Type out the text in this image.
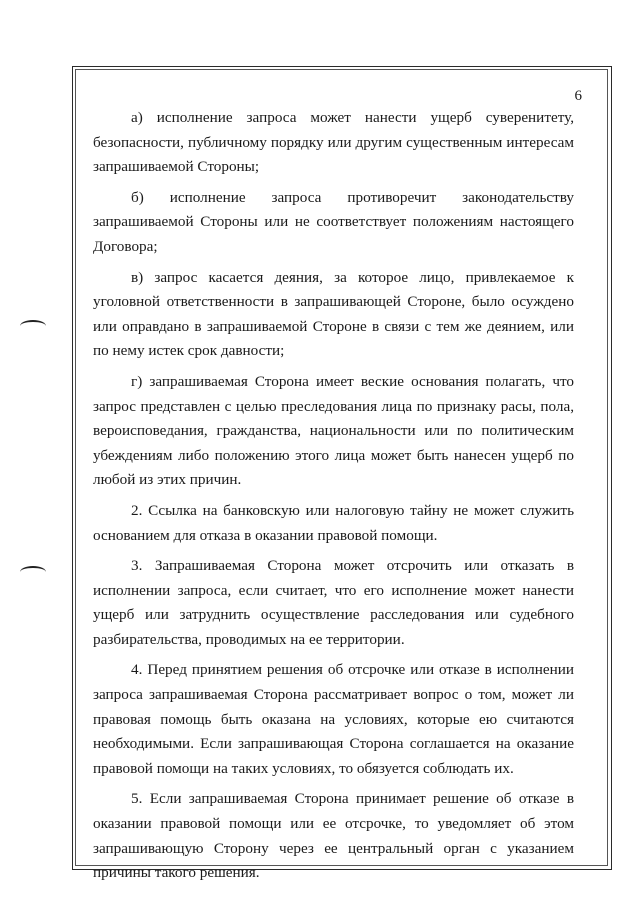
6

а) исполнение запроса может нанести ущерб суверенитету, безопасности, публичному порядку или другим существенным интересам запрашиваемой Стороны;

б) исполнение запроса противоречит законодательству запрашиваемой Стороны или не соответствует положениям настоящего Договора;

в) запрос касается деяния, за которое лицо, привлекаемое к уголовной ответственности в запрашивающей Стороне, было осуждено или оправдано в запрашиваемой Стороне в связи с тем же деянием, или по нему истек срок давности;

г) запрашиваемая Сторона имеет веские основания полагать, что запрос представлен с целью преследования лица по признаку расы, пола, вероисповедания, гражданства, национальности или по политическим убеждениям либо положению этого лица может быть нанесен ущерб по любой из этих причин.

2. Ссылка на банковскую или налоговую тайну не может служить основанием для отказа в оказании правовой помощи.

3. Запрашиваемая Сторона может отсрочить или отказать в исполнении запроса, если считает, что его исполнение может нанести ущерб или затруднить осуществление расследования или судебного разбирательства, проводимых на ее территории.

4. Перед принятием решения об отсрочке или отказе в исполнении запроса запрашиваемая Сторона рассматривает вопрос о том, может ли правовая помощь быть оказана на условиях, которые ею считаются необходимыми. Если запрашивающая Сторона соглашается на оказание правовой помощи на таких условиях, то обязуется соблюдать их.

5. Если запрашиваемая Сторона принимает решение об отказе в оказании правовой помощи или ее отсрочке, то уведомляет об этом запрашивающую Сторону через ее центральный орган с указанием причины такого решения.
